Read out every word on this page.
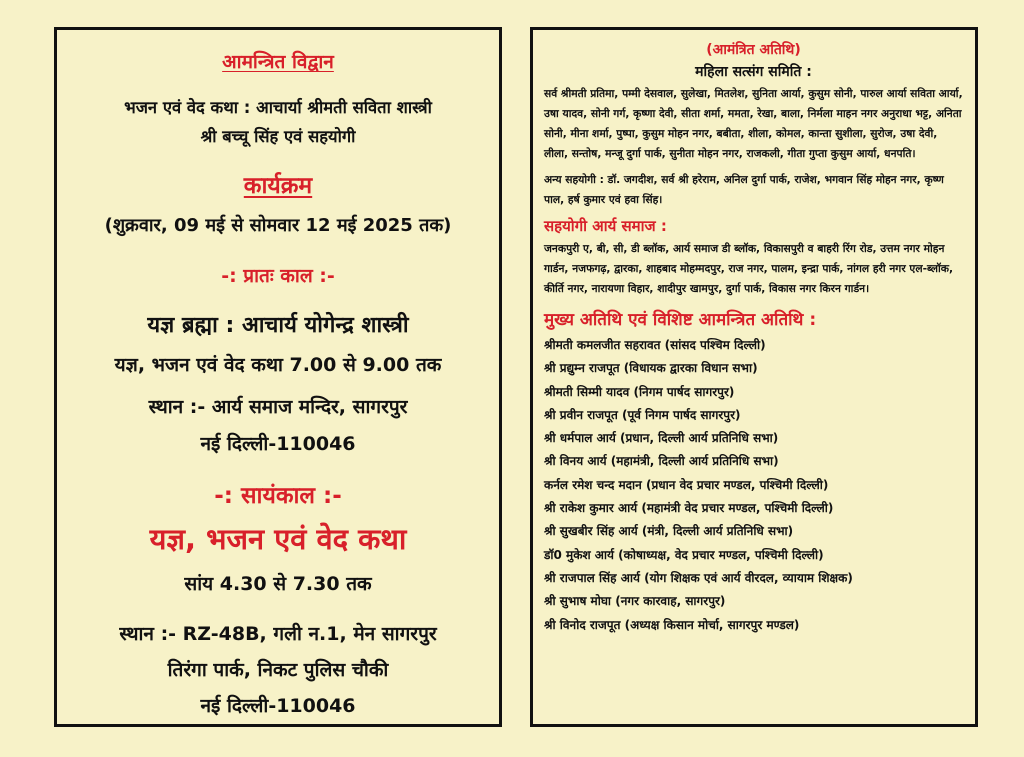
आमन्त्रित विद्वान
भजन एवं वेद कथा : आचार्या श्रीमती सविता शास्त्री
श्री बच्चू सिंह एवं सहयोगी
कार्यक्रम
(शुक्रवार, 09 मई से सोमवार 12 मई 2025 तक)
-: प्रातः काल :-
यज्ञ ब्रह्मा : आचार्य योगेन्द्र शास्त्री
यज्ञ, भजन एवं वेद कथा 7.00 से 9.00 तक
स्थान :- आर्य समाज मन्दिर, सागरपुर
नई दिल्ली-110046
-: सायंकाल :-
यज्ञ, भजन एवं वेद कथा
सांय 4.30 से 7.30 तक
स्थान :- RZ-48B, गली न.1, मेन सागरपुर
तिरंगा पार्क, निकट पुलिस चौकी
नई दिल्ली-110046
(आमंत्रित अतिथि)
महिला सत्संग समिति :
सर्व श्रीमती प्रतिमा, पम्मी देसवाल, सुलेखा, मितलेश, सुनिता आर्या, कुसुम सोनी, पारुल आर्या सविता आर्या, उषा यादव, सोनी गर्ग, कृष्णा देवी, सीता शर्मा, ममता, रेखा, बाला, निर्मला माहन नगर अनुराधा भट्ट, अनिता सोनी, मीना शर्मा, पुष्पा, कुसुम मोहन नगर, बबीता, शीला, कोमल, कान्ता सुशीला, सुरोज, उषा देवी, लीला, सन्तोष, मन्जू दुर्गा पार्क, सुनीता मोहन नगर, राजकली, गीता गुप्ता कुसुम आर्या, धनपति।
अन्य सहयोगी : डॉ. जगदीश, सर्व श्री हरेराम, अनिल दुर्गा पार्क, राजेश, भगवान सिंह मोहन नगर, कृष्ण पाल, हर्ष कुमार एवं हवा सिंह।
सहयोगी आर्य समाज :
जनकपुरी ए, बी, सी, डी ब्लॉक, आर्य समाज डी ब्लॉक, विकासपुरी व बाहरी रिंग रोड, उत्तम नगर मोहन गार्डन, नजफगढ़, द्वारका, शाहबाद मोहम्मदपुर, राज नगर, पालम, इन्द्रा पार्क, नांगल हरी नगर एल-ब्लॉक, कीर्ति नगर, नारायणा विहार, शादीपुर खामपुर, दुर्गा पार्क, विकास नगर किरन गार्डन।
मुख्य अतिथि एवं विशिष्ट आमन्त्रित अतिथि :
श्रीमती कमलजीत सहरावत (सांसद पश्चिम दिल्ली)
श्री प्रद्युम्न राजपूत (विधायक द्वारका विधान सभा)
श्रीमती सिम्मी यादव (निगम पार्षद सागरपुर)
श्री प्रवीन राजपूत (पूर्व निगम पार्षद सागरपुर)
श्री धर्मपाल आर्य (प्रधान, दिल्ली आर्य प्रतिनिधि सभा)
श्री विनय आर्य (महामंत्री, दिल्ली आर्य प्रतिनिधि सभा)
कर्नल रमेश चन्द मदान (प्रधान वेद प्रचार मण्डल, पश्चिमी दिल्ली)
श्री राकेश कुमार आर्य (महामंत्री वेद प्रचार मण्डल, पश्चिमी दिल्ली)
श्री सुखबीर सिंह आर्य (मंत्री, दिल्ली आर्य प्रतिनिधि सभा)
डॉ0 मुकेश आर्य (कोषाध्यक्ष, वेद प्रचार मण्डल, पश्चिमी दिल्ली)
श्री राजपाल सिंह आर्य (योग शिक्षक एवं आर्य वीरदल, व्यायाम शिक्षक)
श्री सुभाष मोघा (नगर कारवाह, सागरपुर)
श्री विनोद राजपूत (अध्यक्ष किसान मोर्चा, सागरपुर मण्डल)
